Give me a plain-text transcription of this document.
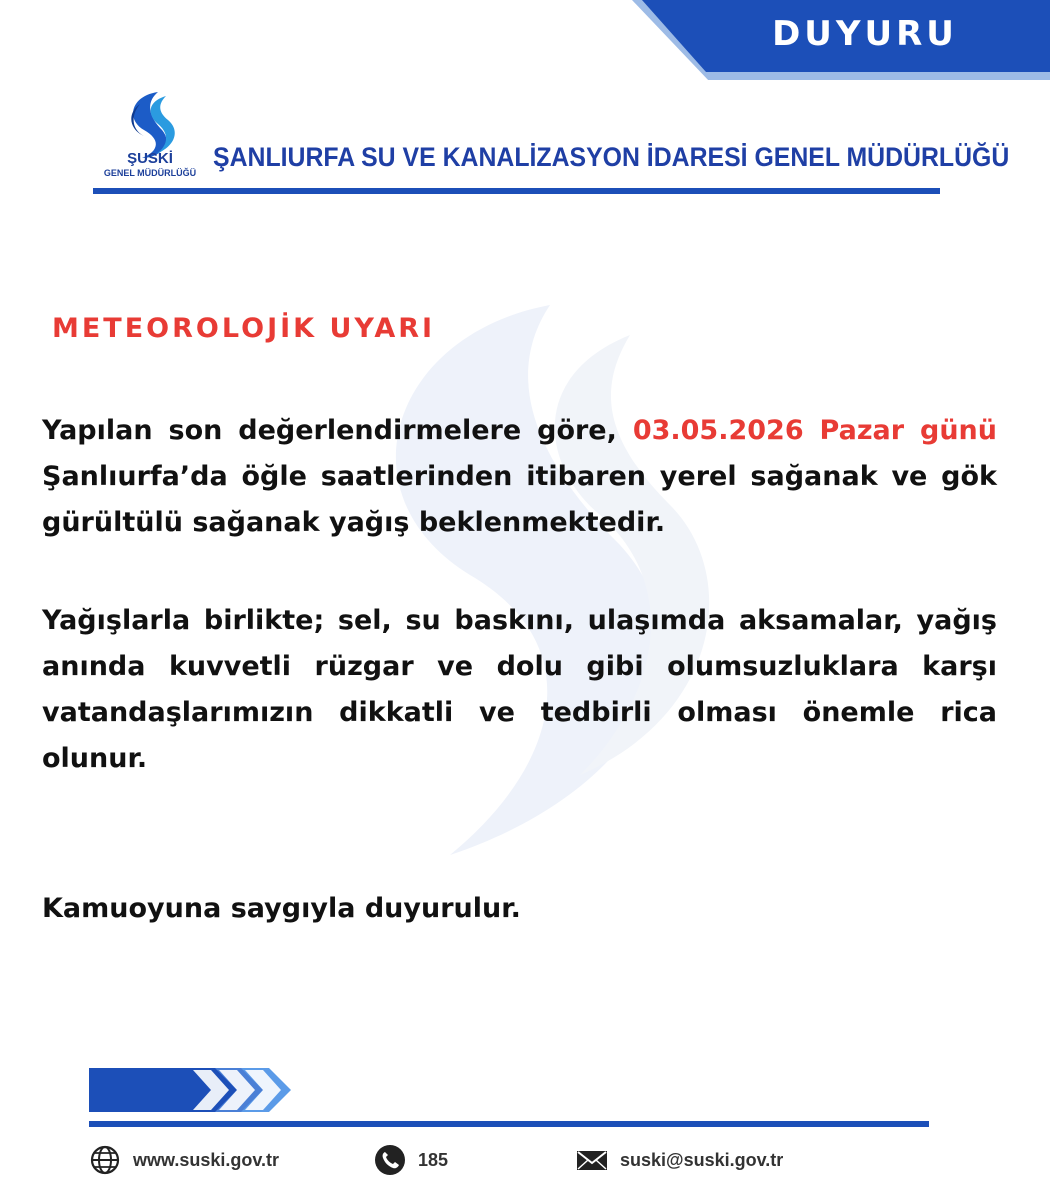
DUYURU
ŞUSKİ
GENEL MÜDÜRLÜĞÜ
ŞANLIURFA SU VE KANALİZASYON İDARESİ GENEL MÜDÜRLÜĞÜ
METEOROLOJİK UYARI
Yapılan son değerlendirmelere göre, 03.05.2026 Pazar günü Şanlıurfa’da öğle saatlerinden itibaren yerel sağanak ve gök gürültülü sağanak yağış beklenmektedir.
Yağışlarla birlikte; sel, su baskını, ulaşımda aksamalar, yağış anında kuvvetli rüzgar ve dolu gibi olumsuzluklara karşı vatandaşlarımızın dikkatli ve tedbirli olması önemle rica olunur.
Kamuoyuna saygıyla duyurulur.
www.suski.gov.tr	185	suski@suski.gov.tr
